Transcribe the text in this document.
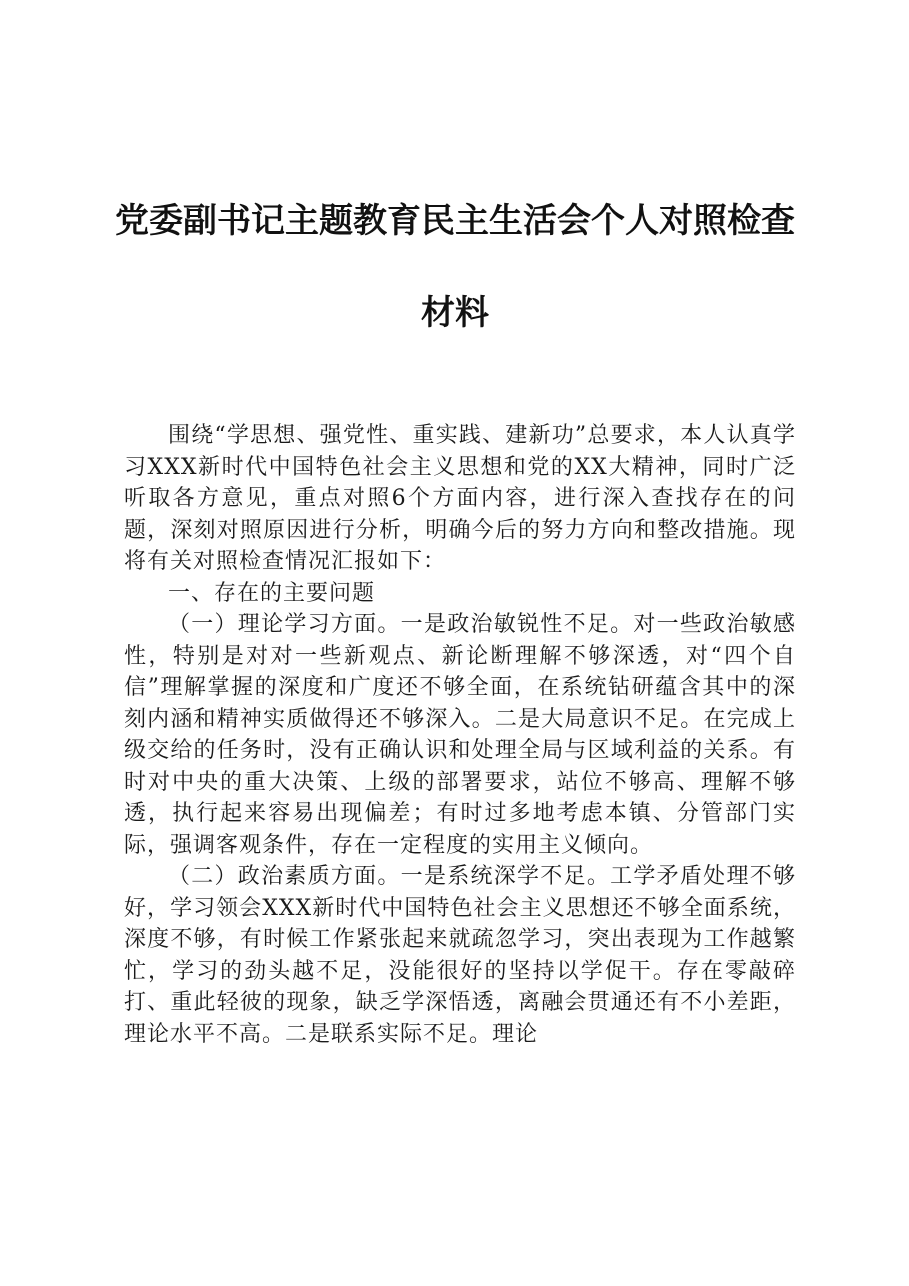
党委副书记主题教育民主生活会个人对照检查
材料

围绕“学思想、强党性、重实践、建新功”总要求，本人认真学习XXX新时代中国特色社会主义思想和党的XX大精神，同时广泛听取各方意见，重点对照6个方面内容，进行深入查找存在的问题，深刻对照原因进行分析，明确今后的努力方向和整改措施。现将有关对照检查情况汇报如下：

一、存在的主要问题

（一）理论学习方面。一是政治敏锐性不足。对一些政治敏感性，特别是对对一些新观点、新论断理解不够深透，对“四个自信”理解掌握的深度和广度还不够全面，在系统钻研蕴含其中的深刻内涵和精神实质做得还不够深入。二是大局意识不足。在完成上级交给的任务时，没有正确认识和处理全局与区域利益的关系。有时对中央的重大决策、上级的部署要求，站位不够高、理解不够透，执行起来容易出现偏差；有时过多地考虑本镇、分管部门实际，强调客观条件，存在一定程度的实用主义倾向。

（二）政治素质方面。一是系统深学不足。工学矛盾处理不够好，学习领会XXX新时代中国特色社会主义思想还不够全面系统，深度不够，有时候工作紧张起来就疏忽学习，突出表现为工作越繁忙，学习的劲头越不足，没能很好的坚持以学促干。存在零敲碎打、重此轻彼的现象，缺乏学深悟透，离融会贯通还有不小差距，理论水平不高。二是联系实际不足。理论
